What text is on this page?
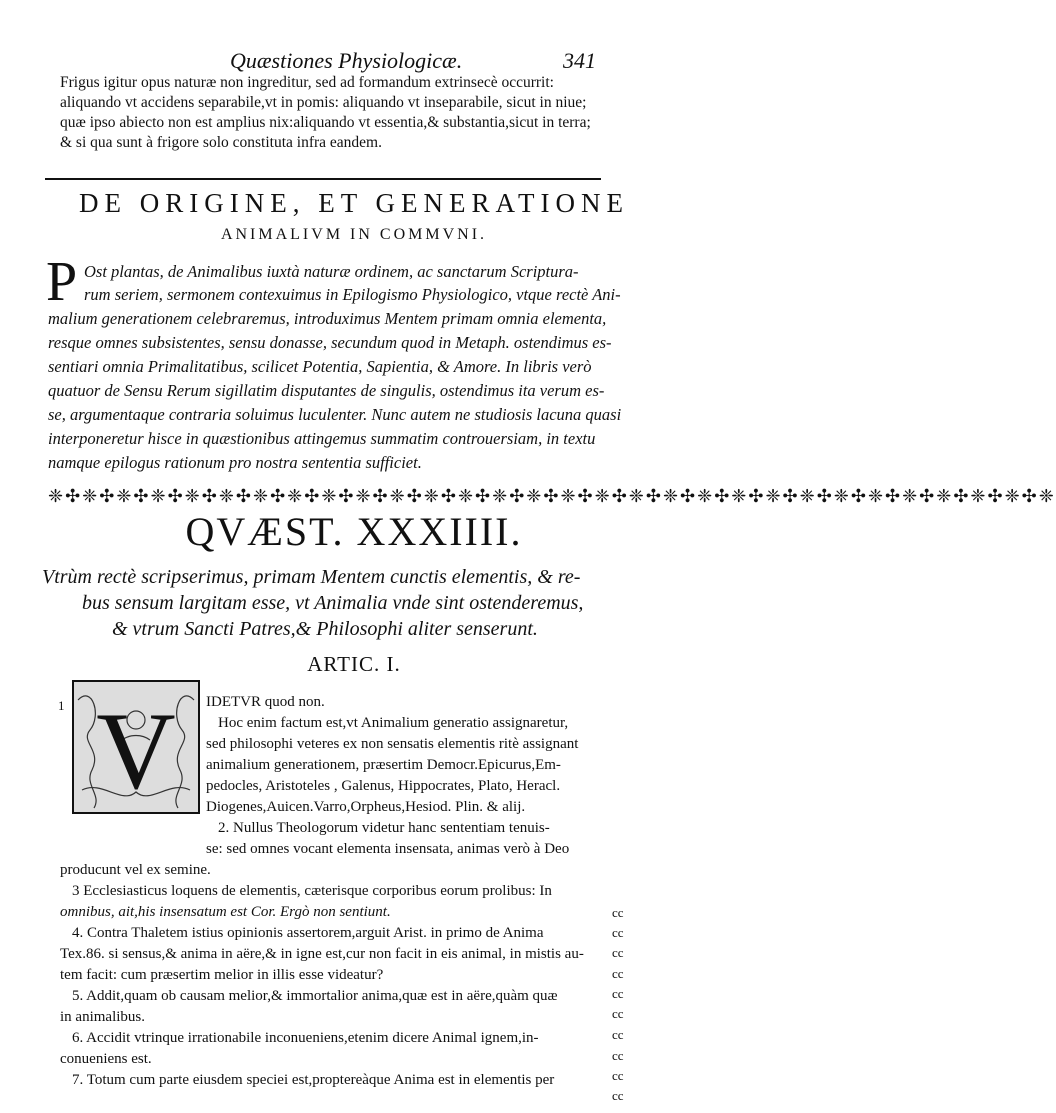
Quæstiones Physiologicæ.	341
Frigus igitur opus naturæ non ingreditur, sed ad formandum extrinsecè occurrit:
aliquando vt accidens separabile,vt in pomis: aliquando vt inseparabile, sicut in niue;
quæ ipso abiecto non est amplius nix:aliquando vt essentia,& substantia,sicut in terra;
& si qua sunt à frigore solo constituta infra eandem.
DE ORIGINE, ET GENERATIONE
ANIMALIVM IN COMMVNI.
P Ost plantas, de Animalibus iuxtà naturæ ordinem, ac sanctarum Scriptura-
rum seriem, sermonem contexuimus in Epilogismo Physiologico, vtque rectè Ani-
malium generationem celebraremus, introduximus Mentem primam omnia elementa,
resque omnes subsistentes, sensu donasse, secundum quod in Metaph. ostendimus es-
sentiari omnia Primalitatibus, scilicet Potentia, Sapientia, & Amore. In libris verò
quatuor de Sensu Rerum sigillatim disputantes de singulis, ostendimus ita verum es-
se, argumentaque contraria soluimus luculenter. Nunc autem ne studiosis lacuna quasi
interponeretur hisce in quæstionibus attingemus summatim controuersiam, in textu
namque epilogus rationum pro nostra sententia sufficiet.
❈✣❈✣❈✣❈✣❈✣❈✣❈✣❈✣❈✣❈✣❈✣❈✣❈✣❈✣❈✣❈✣❈✣❈✣❈✣❈✣❈✣❈✣❈✣❈✣❈✣❈✣❈✣❈✣❈✣❈
QVÆST. XXXIIII.
Vtrùm rectè scripserimus, primam Mentem cunctis elementis, & re-
bus sensum largitam esse, vt Animalia vnde sint ostenderemus,
& vtrum Sancti Patres,& Philosophi aliter senserunt.
ARTIC. I.
1 V IDETVR quod non.
Hoc enim factum est,vt Animalium generatio assignaretur,
sed philosophi veteres ex non sensatis elementis ritè assignant
animalium generationem, præsertim Democr.Epicurus,Em-
pedocles, Aristoteles , Galenus, Hippocrates, Plato, Heracl.
Diogenes,Auicen.Varro,Orpheus,Hesiod. Plin. & alij.
2. Nullus Theologorum videtur hanc sententiam tenuis-
se: sed omnes vocant elementa insensata, animas verò à Deo
producunt vel ex semine.
3 Ecclesiasticus loquens de elementis, cæterisque corporibus eorum prolibus: In
omnibus, ait,his insensatum est Cor. Ergò non sentiunt.
4. Contra Thaletem istius opinionis assertorem,arguit Arist. in primo de Anima
Tex.86. si sensus,& anima in aëre,& in igne est,cur non facit in eis animal, in mistis au-
tem facit: cum præsertim melior in illis esse videatur?
5. Addit,quam ob causam melior,& immortalior anima,quæ est in aëre,quàm quæ
in animalibus.
6. Accidit vtrinque irrationabile inconueniens,etenim dicere Animal ignem,in-
conueniens est.
7. Totum cum parte eiusdem speciei est,proptereàque Anima est in elementis per
cc
cc
cc
cc
cc
cc
cc
cc
cc
cc
